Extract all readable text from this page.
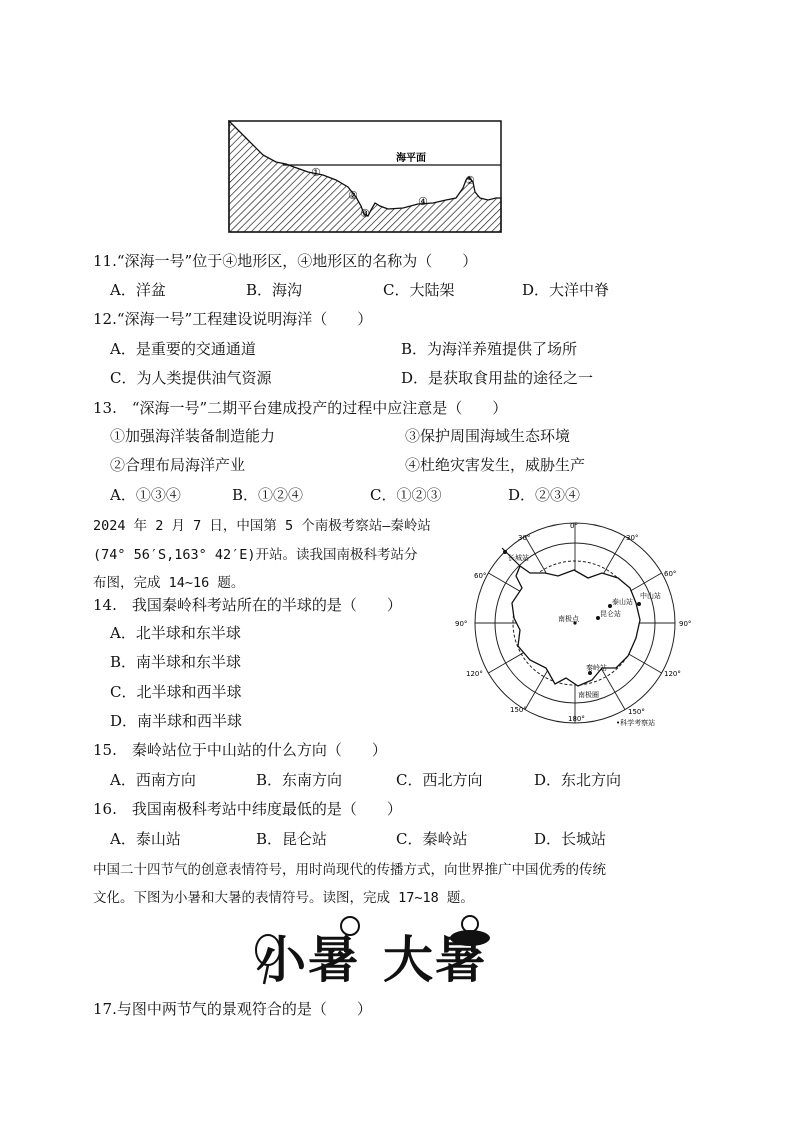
海平面
①
②
③
④
⑤
11.“深海一号”位于④地形区，④地形区的名称为（　　）
A．洋盆	B．海沟	C．大陆架	D．大洋中脊
12.“深海一号”工程建设说明海洋（　　）
A．是重要的交通通道	B．为海洋养殖提供了场所
C．为人类提供油气资源	D．是获取食用盐的途径之一
13.　“深海一号”二期平台建成投产的过程中应注意是（　　）
①加强海洋装备制造能力	③保护周围海域生态环境
②合理布局海洋产业	④杜绝灾害发生，威胁生产
A．①③④	B．①②④	C．①②③	D．②③④
2024 年 2 月 7 日，中国第 5 个南极考察站—秦岭站
(74° 56′S,163° 42′E)开站。读我国南极科考站分
布图，完成 14~16 题。
0°
30°
60°
90°
120°
150°
180°
150°
120°
90°
60°
30°
长城站
泰山站
中山站
昆仑站
秦岭站
南极点
南极圈
•科学考察站
14.　我国秦岭科考站所在的半球的是（　　）
A．北半球和东半球
B．南半球和东半球
C．北半球和西半球
D．南半球和西半球
15.　秦岭站位于中山站的什么方向（　　）
A．西南方向	B．东南方向	C．西北方向	D．东北方向
16.　我国南极科考站中纬度最低的是（　　）
A．泰山站	B．昆仑站	C．秦岭站	D．长城站
中国二十四节气的创意表情符号，用时尚现代的传播方式，向世界推广中国优秀的传统
文化。下图为小暑和大暑的表情符号。读图，完成 17~18 题。
小暑 大暑
17.与图中两节气的景观符合的是（　　）
